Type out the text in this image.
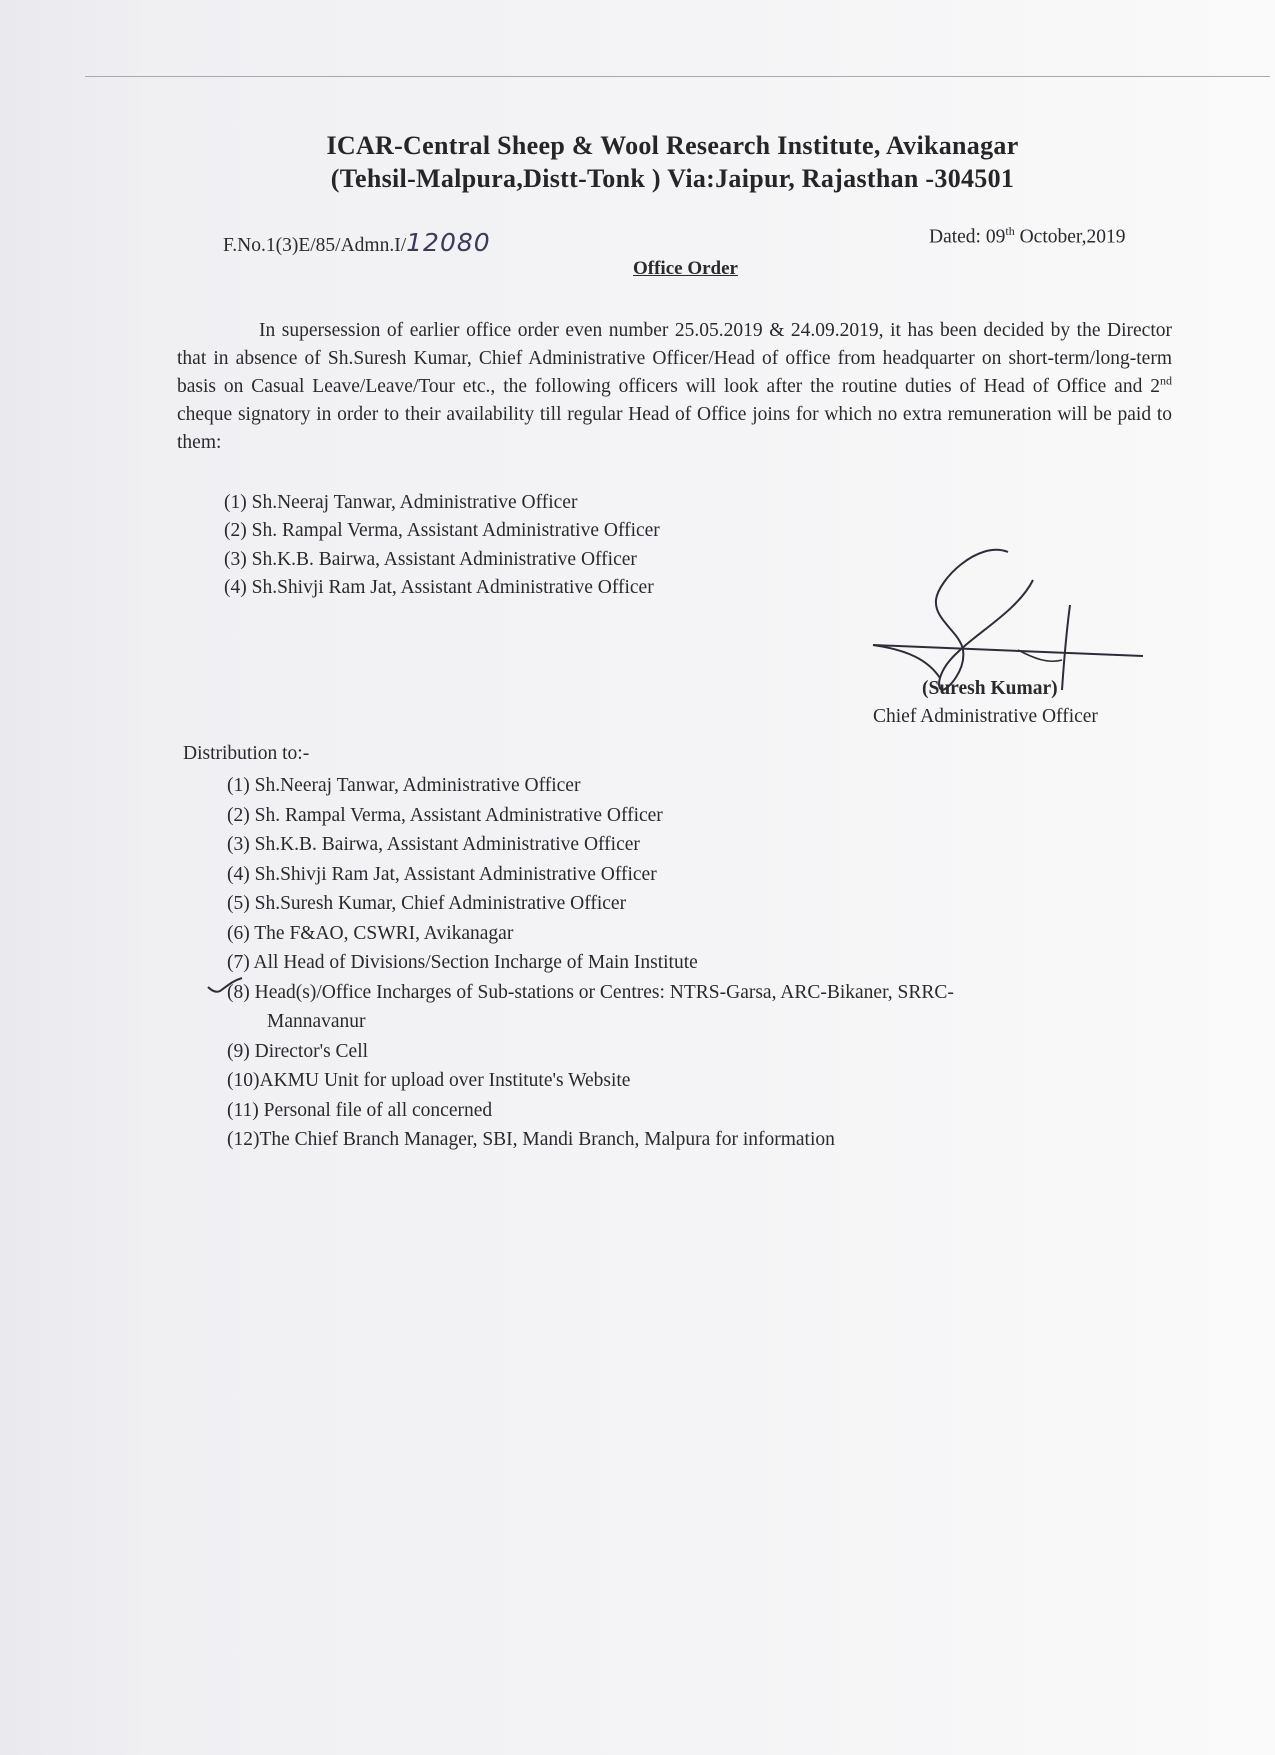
ICAR-Central Sheep & Wool Research Institute, Avikanagar
(Tehsil-Malpura,Distt-Tonk ) Via:Jaipur, Rajasthan -304501
F.No.1(3)E/85/Admn.I/12080	Dated: 09th October,2019
Office Order
In supersession of earlier office order even number 25.05.2019 & 24.09.2019, it has been decided by the Director that in absence of Sh.Suresh Kumar, Chief Administrative Officer/Head of office from headquarter on short-term/long-term basis on Casual Leave/Leave/Tour etc., the following officers will look after the routine duties of Head of Office and 2nd cheque signatory in order to their availability till regular Head of Office joins for which no extra remuneration will be paid to them:
(1) Sh.Neeraj Tanwar, Administrative Officer
(2) Sh. Rampal Verma, Assistant Administrative Officer
(3) Sh.K.B. Bairwa, Assistant Administrative Officer
(4) Sh.Shivji Ram Jat, Assistant Administrative Officer
(Suresh Kumar)
Chief Administrative Officer
Distribution to:-
(1) Sh.Neeraj Tanwar, Administrative Officer
(2) Sh. Rampal Verma, Assistant Administrative Officer
(3) Sh.K.B. Bairwa, Assistant Administrative Officer
(4) Sh.Shivji Ram Jat, Assistant Administrative Officer
(5) Sh.Suresh Kumar, Chief Administrative Officer
(6) The F&AO, CSWRI, Avikanagar
(7) All Head of Divisions/Section Incharge of Main Institute
(8) Head(s)/Office Incharges of Sub-stations or Centres: NTRS-Garsa, ARC-Bikaner, SRRC-
Mannavanur
(9) Director's Cell
(10)AKMU Unit for upload over Institute's Website
(11) Personal file of all concerned
(12)The Chief Branch Manager, SBI, Mandi Branch, Malpura for information
